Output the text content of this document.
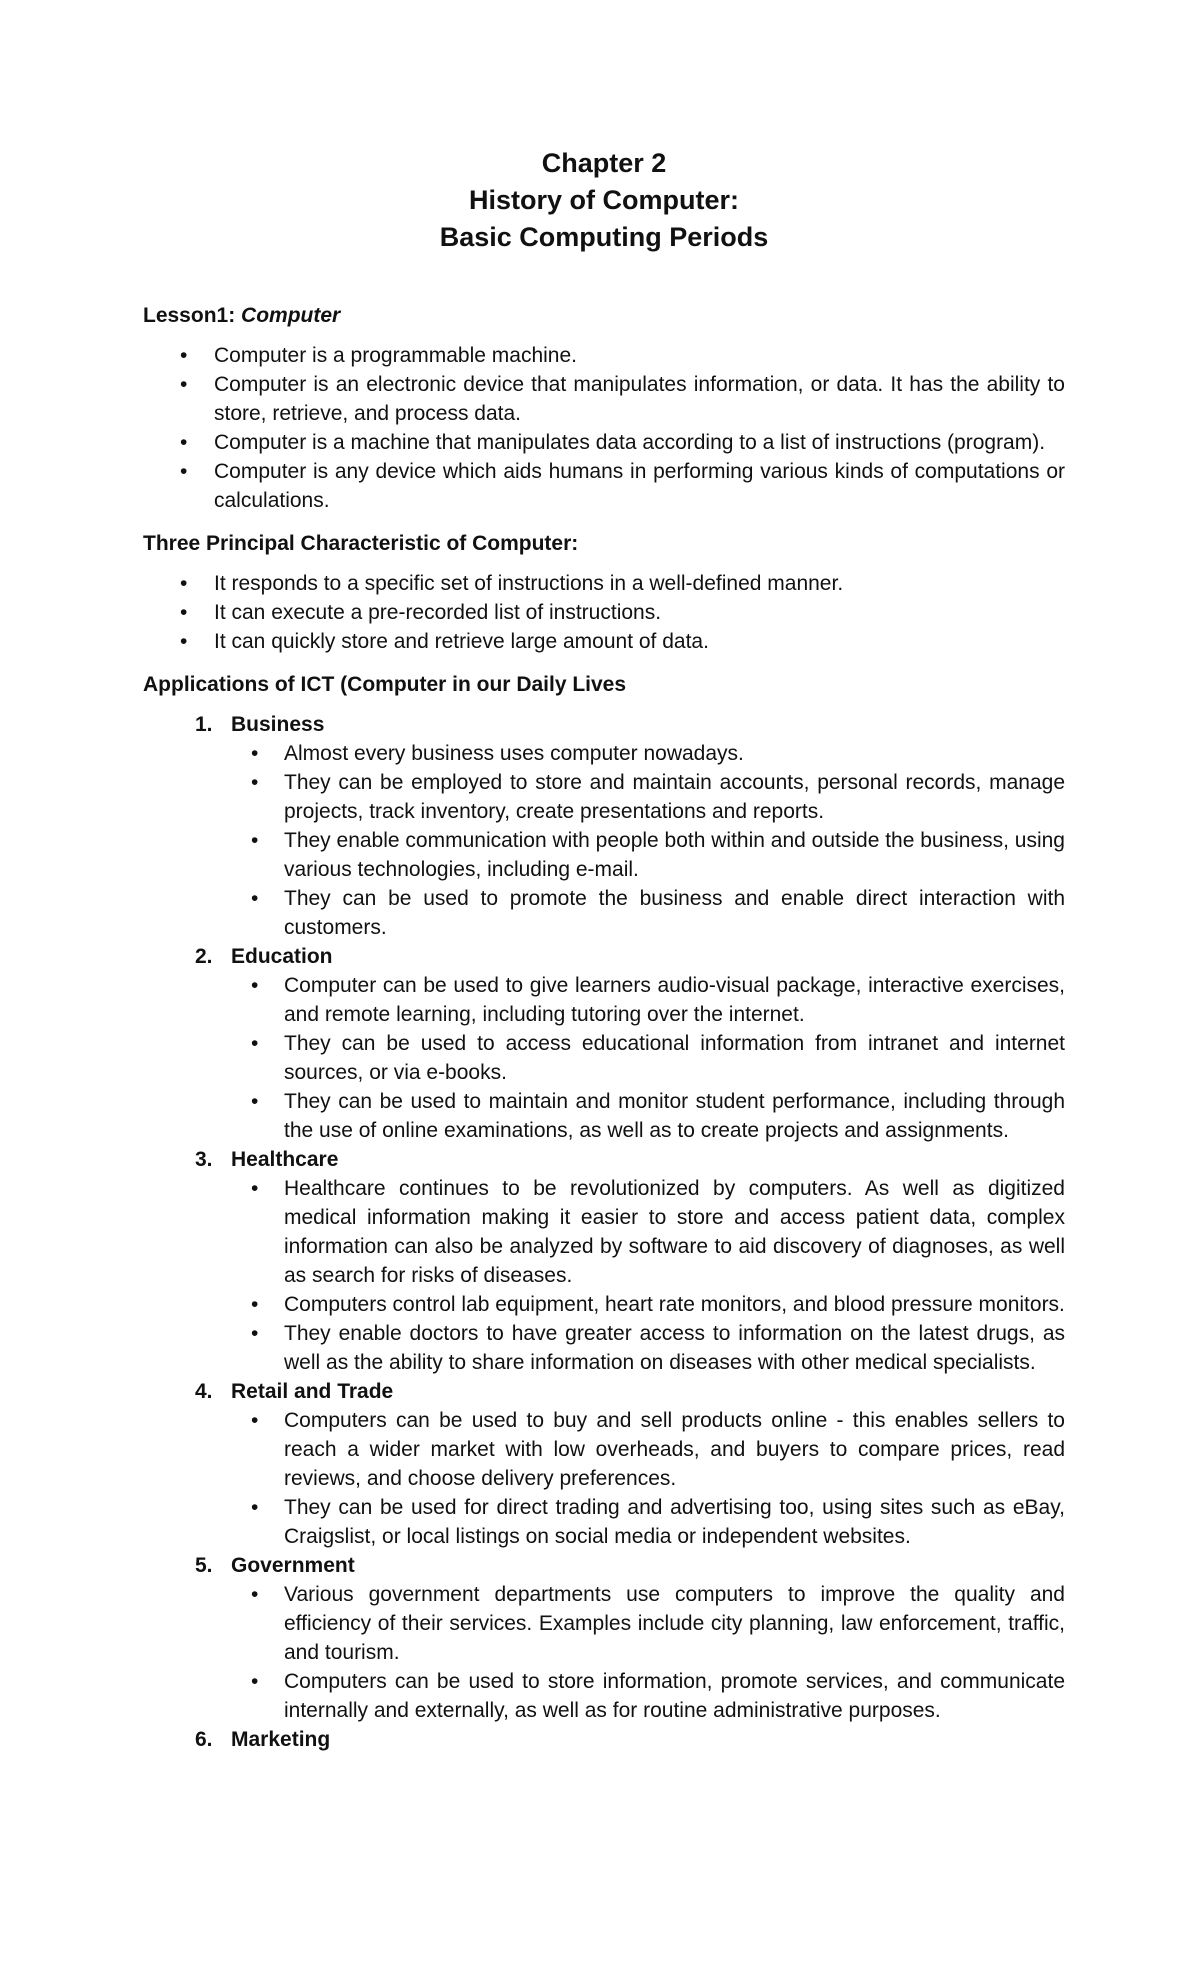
Chapter 2
History of Computer:
Basic Computing Periods
Lesson1: Computer
• Computer is a programmable machine.
• Computer is an electronic device that manipulates information, or data. It has the ability to store, retrieve, and process data.
• Computer is a machine that manipulates data according to a list of instructions (program).
• Computer is any device which aids humans in performing various kinds of computations or calculations.
Three Principal Characteristic of Computer:
• It responds to a specific set of instructions in a well-defined manner.
• It can execute a pre-recorded list of instructions.
• It can quickly store and retrieve large amount of data.
Applications of ICT (Computer in our Daily Lives
1. Business
• Almost every business uses computer nowadays.
• They can be employed to store and maintain accounts, personal records, manage projects, track inventory, create presentations and reports.
• They enable communication with people both within and outside the business, using various technologies, including e-mail.
• They can be used to promote the business and enable direct interaction with customers.
2. Education
• Computer can be used to give learners audio-visual package, interactive exercises, and remote learning, including tutoring over the internet.
• They can be used to access educational information from intranet and internet sources, or via e-books.
• They can be used to maintain and monitor student performance, including through the use of online examinations, as well as to create projects and assignments.
3. Healthcare
• Healthcare continues to be revolutionized by computers. As well as digitized medical information making it easier to store and access patient data, complex information can also be analyzed by software to aid discovery of diagnoses, as well as search for risks of diseases.
• Computers control lab equipment, heart rate monitors, and blood pressure monitors.
• They enable doctors to have greater access to information on the latest drugs, as well as the ability to share information on diseases with other medical specialists.
4. Retail and Trade
• Computers can be used to buy and sell products online - this enables sellers to reach a wider market with low overheads, and buyers to compare prices, read reviews, and choose delivery preferences.
• They can be used for direct trading and advertising too, using sites such as eBay, Craigslist, or local listings on social media or independent websites.
5. Government
• Various government departments use computers to improve the quality and efficiency of their services. Examples include city planning, law enforcement, traffic, and tourism.
• Computers can be used to store information, promote services, and communicate internally and externally, as well as for routine administrative purposes.
6. Marketing
